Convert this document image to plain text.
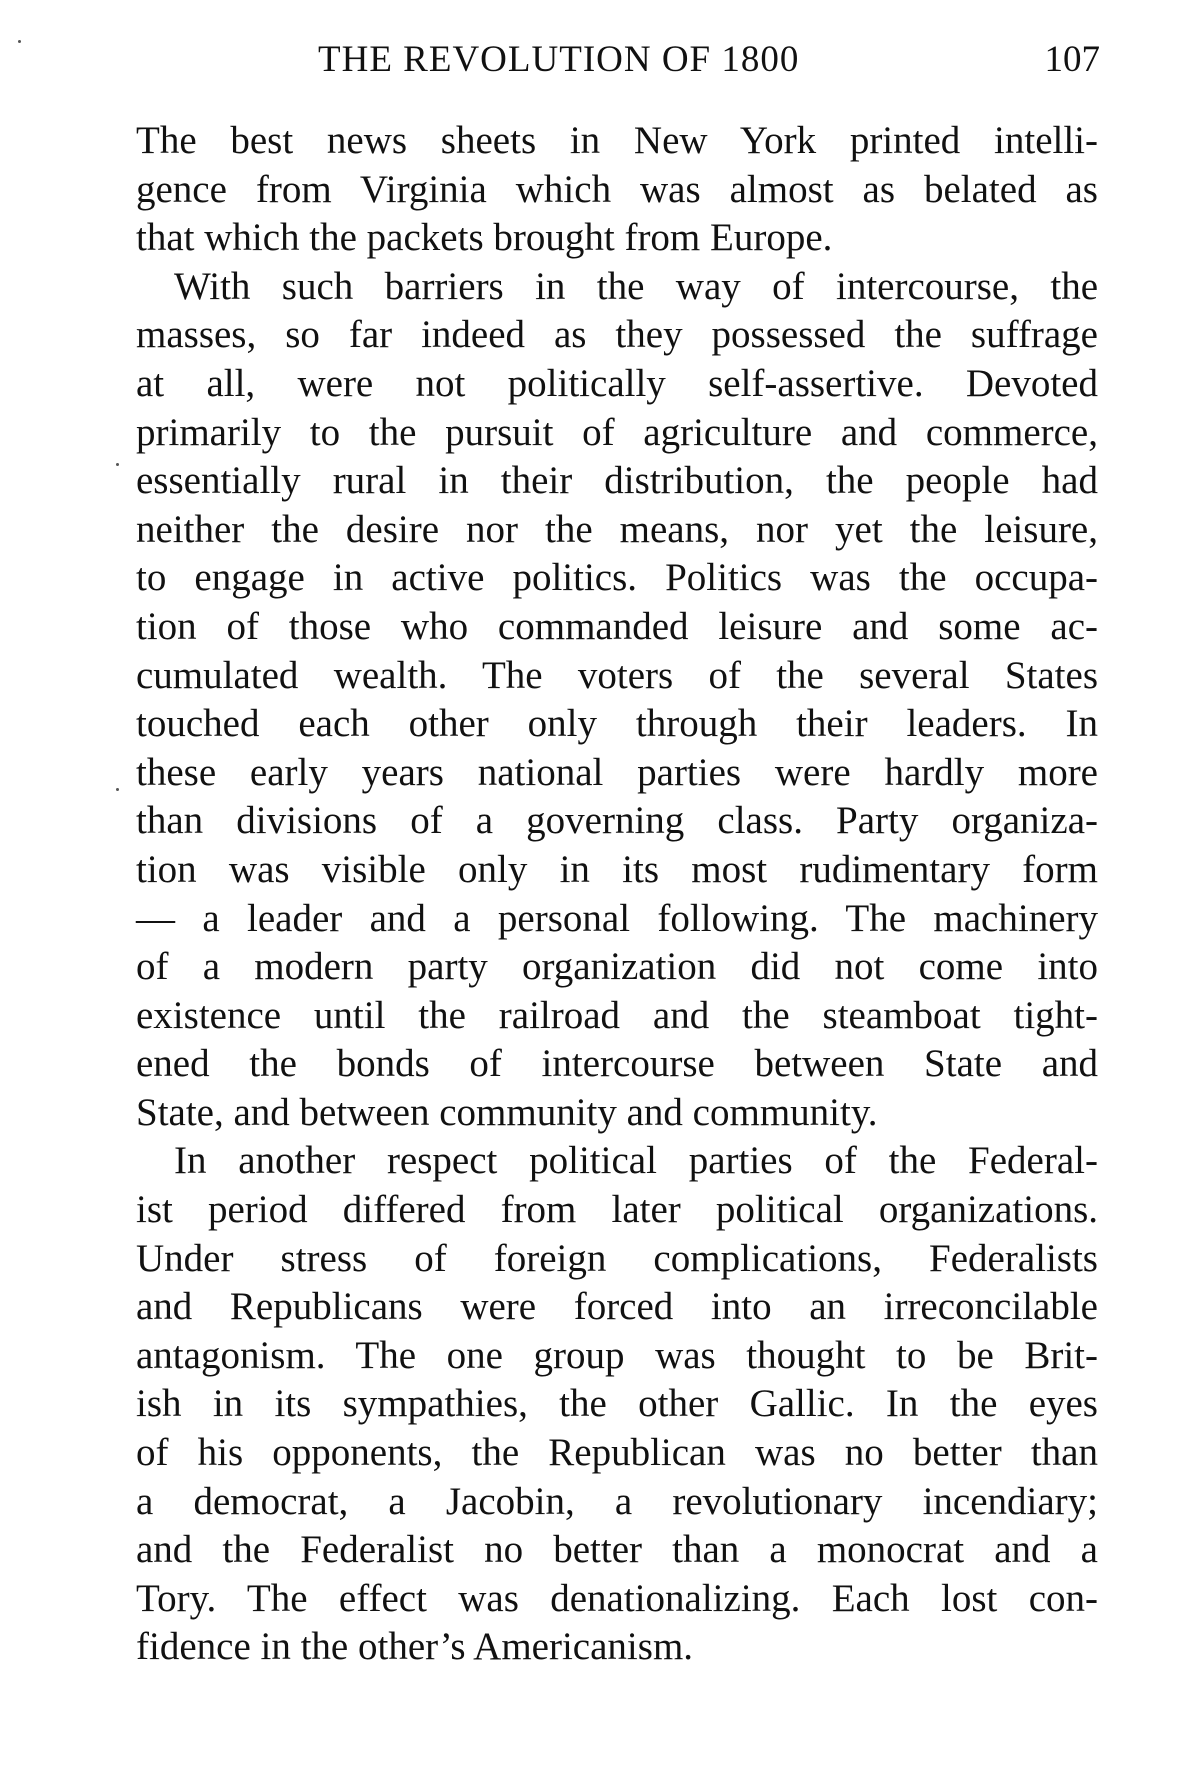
THE REVOLUTION OF 1800	107
The best news sheets in New York printed intelli-
gence from Virginia which was almost as belated as
that which the packets brought from Europe.
With such barriers in the way of intercourse, the
masses, so far indeed as they possessed the suffrage
at all, were not politically self-assertive. Devoted
primarily to the pursuit of agriculture and commerce,
essentially rural in their distribution, the people had
neither the desire nor the means, nor yet the leisure,
to engage in active politics. Politics was the occupa-
tion of those who commanded leisure and some ac-
cumulated wealth. The voters of the several States
touched each other only through their leaders. In
these early years national parties were hardly more
than divisions of a governing class. Party organiza-
tion was visible only in its most rudimentary form
— a leader and a personal following. The machinery
of a modern party organization did not come into
existence until the railroad and the steamboat tight-
ened the bonds of intercourse between State and
State, and between community and community.
In another respect political parties of the Federal-
ist period differed from later political organizations.
Under stress of foreign complications, Federalists
and Republicans were forced into an irreconcilable
antagonism. The one group was thought to be Brit-
ish in its sympathies, the other Gallic. In the eyes
of his opponents, the Republican was no better than
a democrat, a Jacobin, a revolutionary incendiary;
and the Federalist no better than a monocrat and a
Tory. The effect was denationalizing. Each lost con-
fidence in the other’s Americanism.
